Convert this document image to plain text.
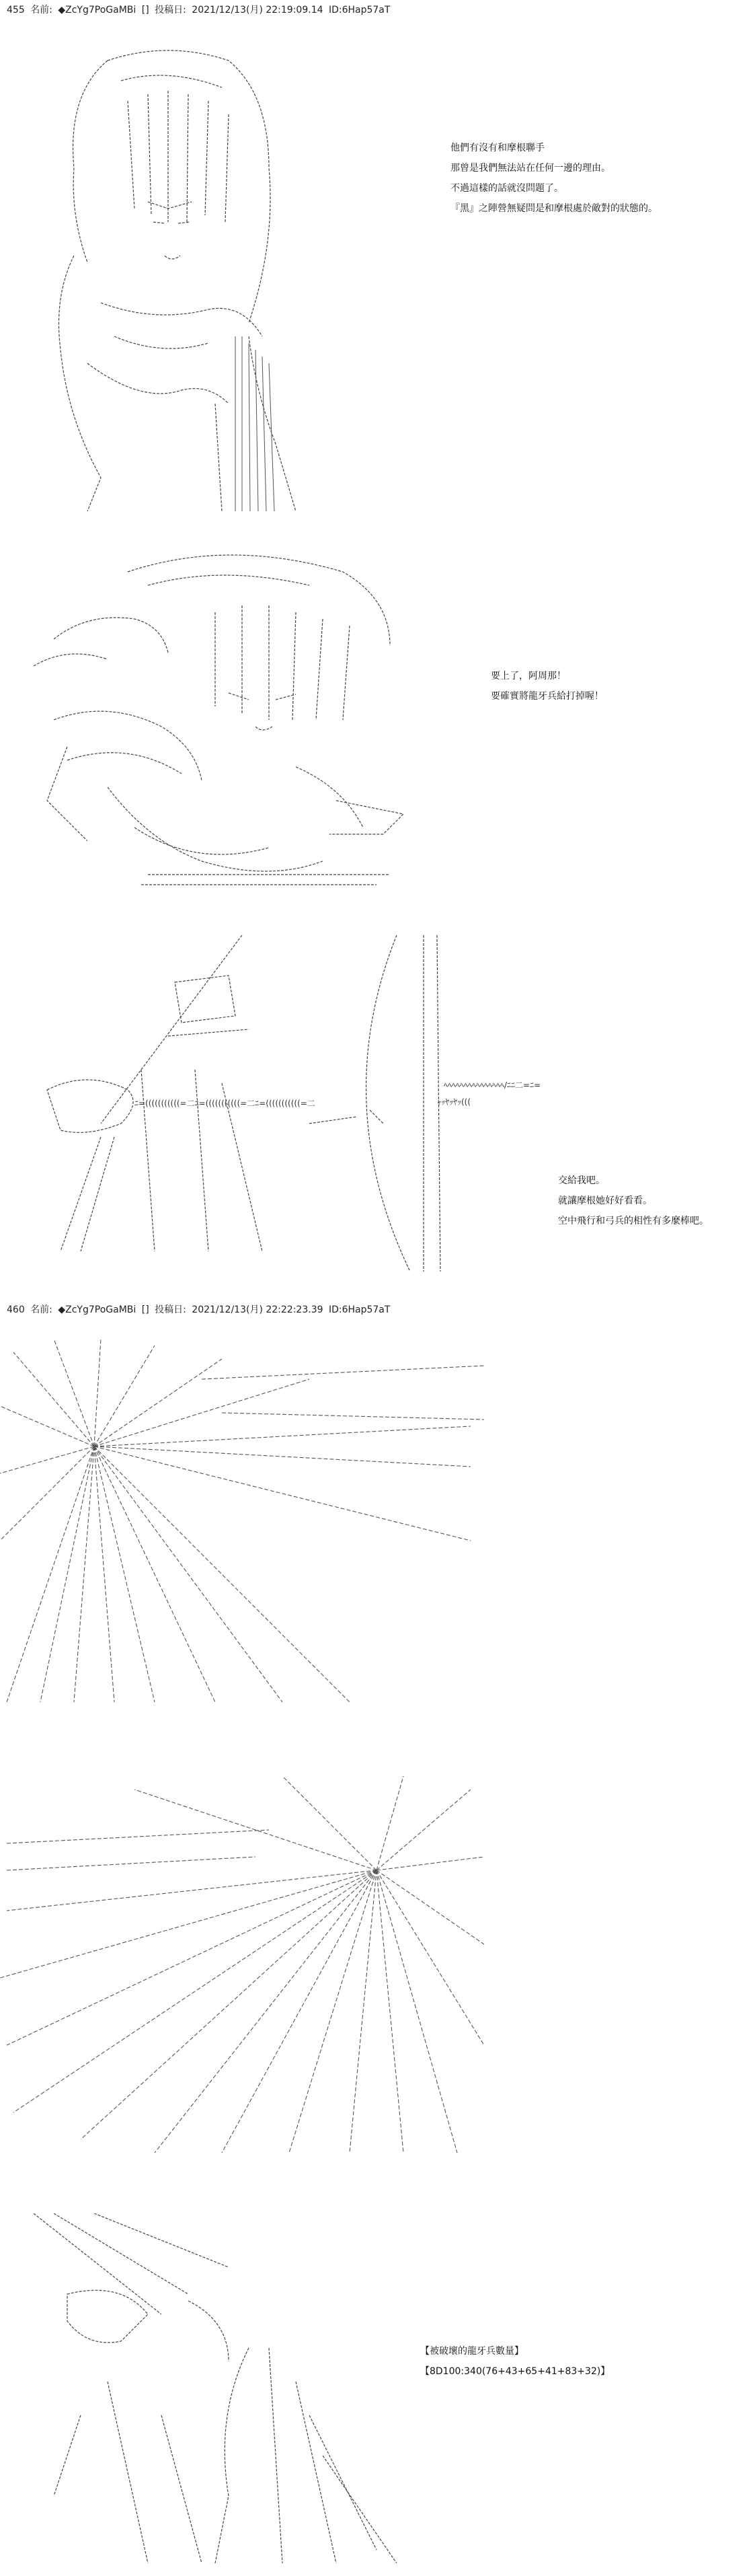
455 名前: ◆ZcYg7PoGaMBi [] 投稿日: 2021/12/13(月) 22:19:09.14 ID:6Hap57aT
他們有沒有和摩根聯手
那曾是我們無法站在任何一邊的理由。
不過這樣的話就沒問題了。
『黑』之陣營無疑問是和摩根處於敵對的狀態的。
要上了，阿周那！
要確實將龍牙兵給打掉喔！
ﾆ=(((((((((((=二ﾆ=(((((((((((=二ﾆ=(((((((((((=二
ﾍﾍﾍﾍﾍﾍﾍﾍﾍﾍﾍﾍﾍﾍﾍ/ﾆﾆ二=ﾆ=
ｬｯﾔｯﾔｯ(((
交給我吧。
就讓摩根她好好看看。
空中飛行和弓兵的相性有多麼棒吧。
460 名前: ◆ZcYg7PoGaMBi [] 投稿日: 2021/12/13(月) 22:22:23.39 ID:6Hap57aT
【被破壞的龍牙兵數量】
【8D100:340(76+43+65+41+83+32)】
